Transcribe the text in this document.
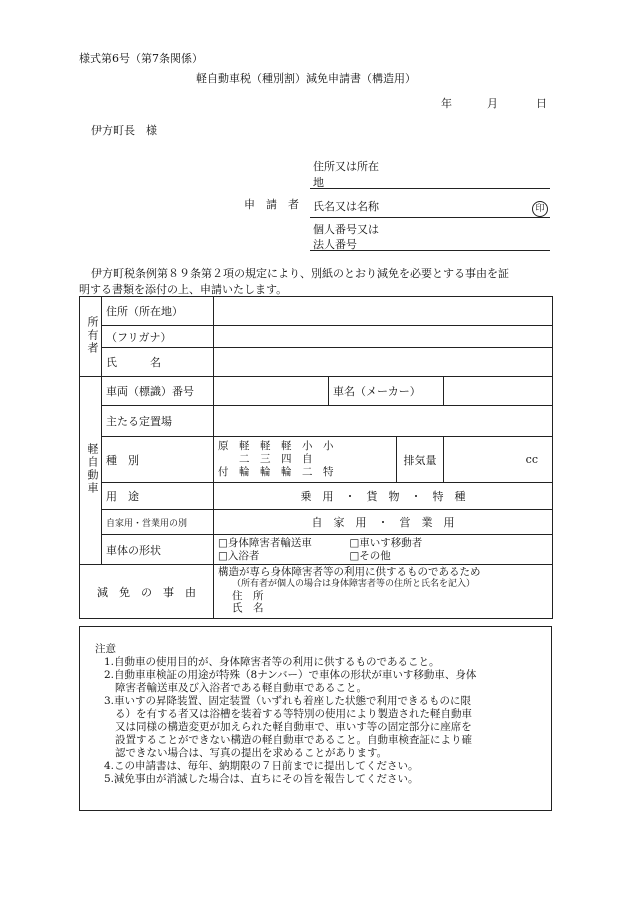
様式第6号（第7条関係）
軽自動車税（種別割）減免申請書（構造用）
年	月	日
伊方町長　様
申　請　者
住所又は所在
地
氏名又は名称	印
個人番号又は
法人番号
伊方町税条例第８９条第２項の規定により、別紙のとおり減免を必要とする事由を証
明する書類を添付の上、申請いたします。
所有者	住所（所在地）				
	（フリガナ）				
	氏　　　名				
軽自動車	車両（標識）番号		車名（メーカー）		
	主たる定置場				
	種　別	原　軽　軽　軽　小　小
　　二　三　四　自　　
付　輪　輪　輪　二　特		排気量	cc
	用　途	乗　用　・　貨　物　・　特　種			
	自家用・営業用の別	自　家　用　・　営　業　用			
	車体の形状	□身体障害者輸送車 □車いす移動者
□入浴者 □その他			

減　免　の　事　由		構造が専ら身体障害者等の利用に供するものであるため
（所有者が個人の場合は身体障害者等の住所と氏名を記入）
住　所
氏　名			

注意

1.自動車の使用目的が、身体障害者等の利用に供するものであること。

2.自動車車検証の用途が特殊（8ナンバー）で車体の形状が車いす移動車、身体

障害者輸送車及び入浴者である軽自動車であること。

3.車いすの昇降装置、固定装置（いずれも着座した状態で利用できるものに限

る）を有する者又は浴槽を装着する等特別の使用により製造された軽自動車

又は同様の構造変更が加えられた軽自動車で、車いす等の固定部分に座席を

設置することができない構造の軽自動車であること。自動車検査証により確

認できない場合は、写真の提出を求めることがあります。

4.この申請書は、毎年、納期限の７日前までに提出してください。

5.減免事由が消滅した場合は、直ちにその旨を報告してください。
